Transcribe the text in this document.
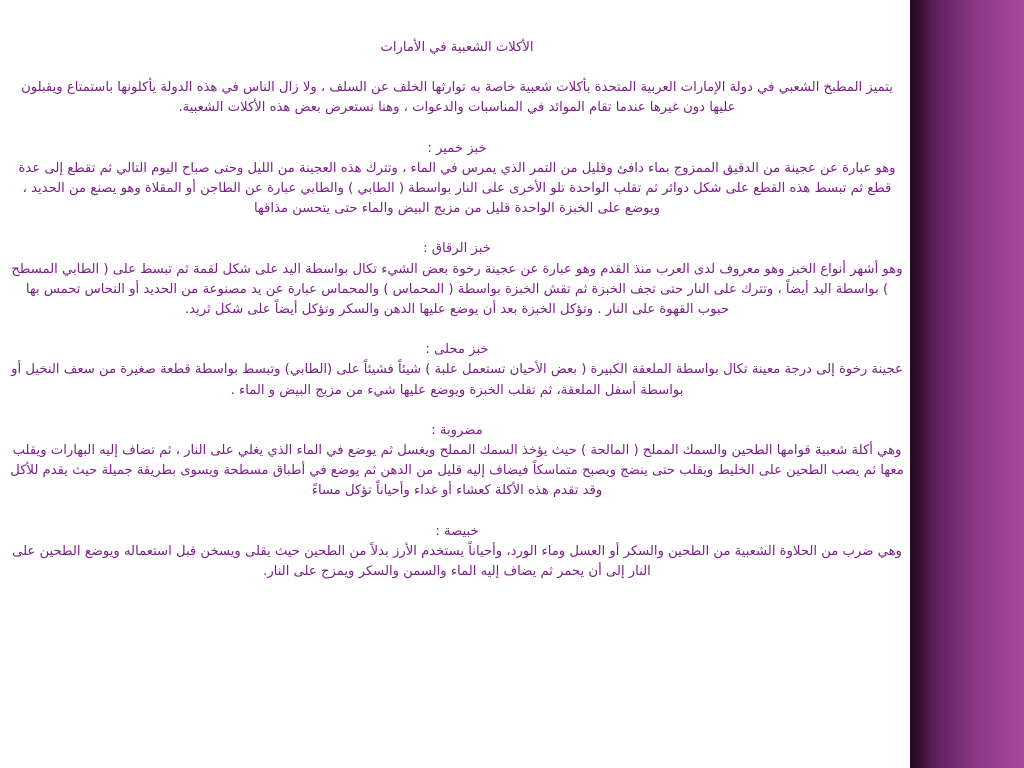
الأكلات الشعبية في الأمارات

يتميز المطبخ الشعبي في دولة الإمارات العربية المتحدة بأكلات شعبية خاصة به توارثها الخلف عن السلف ، ولا زال الناس في هذه الدولة يأكلونها باستمتاع ويقبلون عليها دون غيرها عندما تقام الموائد في المناسبات والدعوات ، وهنا نستعرض بعض هذه الأكلات الشعبية.

خبز خمير :

وهو عبارة عن عجينة من الدقيق الممزوج بماء دافئ وقليل من التمر الذي يمرس في الماء ، وتترك هذه العجينة من الليل وحتى صباح اليوم التالي ثم تقطع إلى عدة قطع ثم تبسط هذه القطع على شكل دوائر ثم تقلب الواحدة تلو الأخرى على النار بواسطة ( الطابي ) والطابي عبارة عن الطاجن أو المقلاة وهو يصنع من الحديد ، ويوضع على الخبزة الواحدة قليل من مزيج البيض والماء حتى يتحسن مذاقها

خبز الرقاق :

وهو أشهر أنواع الخبز وهو معروف لدى العرب منذ القدم وهو عبارة عن عجينة رخوة بعض الشيء تكال بواسطة اليد على شكل لقمة ثم تبسط على ( الطابي المسطح ) بواسطة اليد أيضاً ، وتترك على النار حتى تجف الخبزة ثم تقش الخبزة بواسطة ( المحماس ) والمحماس عبارة عن يد مصنوعة من الحديد أو النحاس تحمس بها حبوب القهوة على النار . وتؤكل الخبزة بعد أن يوضع عليها الدهن والسكر وتؤكل أيضاً على شكل ثريد.

خبز محلى :

عجينة رخوة إلى درجة معينة تكال بواسطة الملعقة الكبيرة ( بعض الأحيان تستعمل علبة ) شيئاً فشيئاً على (الطابي) وتبسط بواسطة قطعة صغيرة من سعف النخيل أو بواسطة أسفل الملعقة، ثم تقلب الخبزة ويوضع عليها شيء من مزيج البيض و الماء .

مضروبة :

وهي أكلة شعبية قوامها الطحين والسمك المملح ( المالحة ) حيث يؤخذ السمك المملح ويغسل ثم يوضع في الماء الذي يغلي على النار ، ثم تضاف إليه البهارات ويقلب معها ثم يصب الطحين على الخليط ويقلب حتى ينضج ويصبح متماسكاً فيضاف إليه قليل من الدهن ثم يوضع في أطباق مسطحة ويسوى بطريقة جميلة حيث يقدم للأكل وقد تقدم هذه الأكلة كعشاء أو غداء وأحياناً تؤكل مساءً

خبيصة :

وهي ضرب من الحلاوة الشعبية من الطحين والسكر أو العسل وماء الورد، وأحياناً يستخدم الأرز بدلاً من الطحين حيث يقلى ويسخن قبل استعماله ويوضع الطحين على النار إلى أن يحمر ثم يضاف إليه الماء والسمن والسكر ويمزج على النار.
